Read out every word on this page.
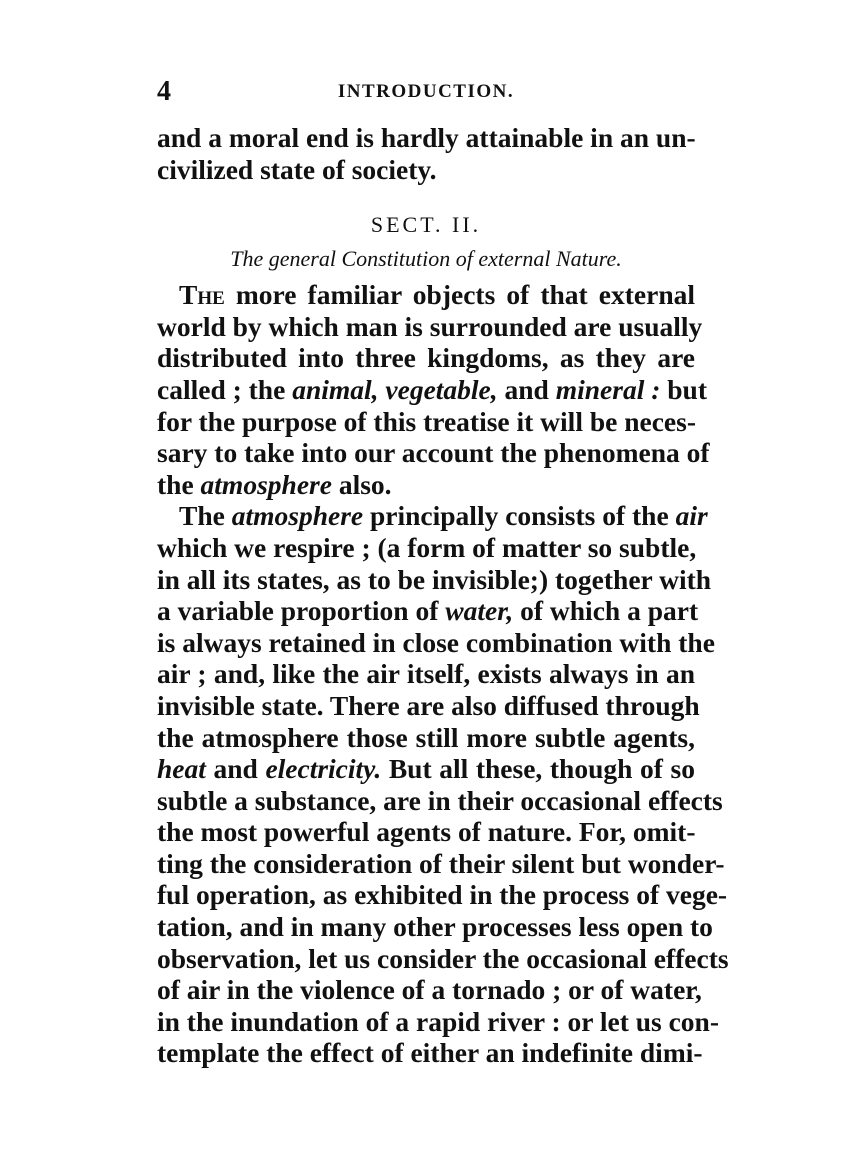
4	INTRODUCTION.

and a moral end is hardly attainable in an un-
civilized state of society.

SECT. II.
The general Constitution of external Nature.

The more familiar objects of that external
world by which man is surrounded are usually
distributed into three kingdoms, as they are
called ; the animal, vegetable, and mineral : but
for the purpose of this treatise it will be neces-
sary to take into our account the phenomena of
the atmosphere also.

The atmosphere principally consists of the air
which we respire ; (a form of matter so subtle,
in all its states, as to be invisible;) together with
a variable proportion of water, of which a part
is always retained in close combination with the
air ; and, like the air itself, exists always in an
invisible state. There are also diffused through
the atmosphere those still more subtle agents,
heat and electricity. But all these, though of so
subtle a substance, are in their occasional effects
the most powerful agents of nature. For, omit-
ting the consideration of their silent but wonder-
ful operation, as exhibited in the process of vege-
tation, and in many other processes less open to
observation, let us consider the occasional effects
of air in the violence of a tornado ; or of water,
in the inundation of a rapid river : or let us con-
template the effect of either an indefinite dimi-
